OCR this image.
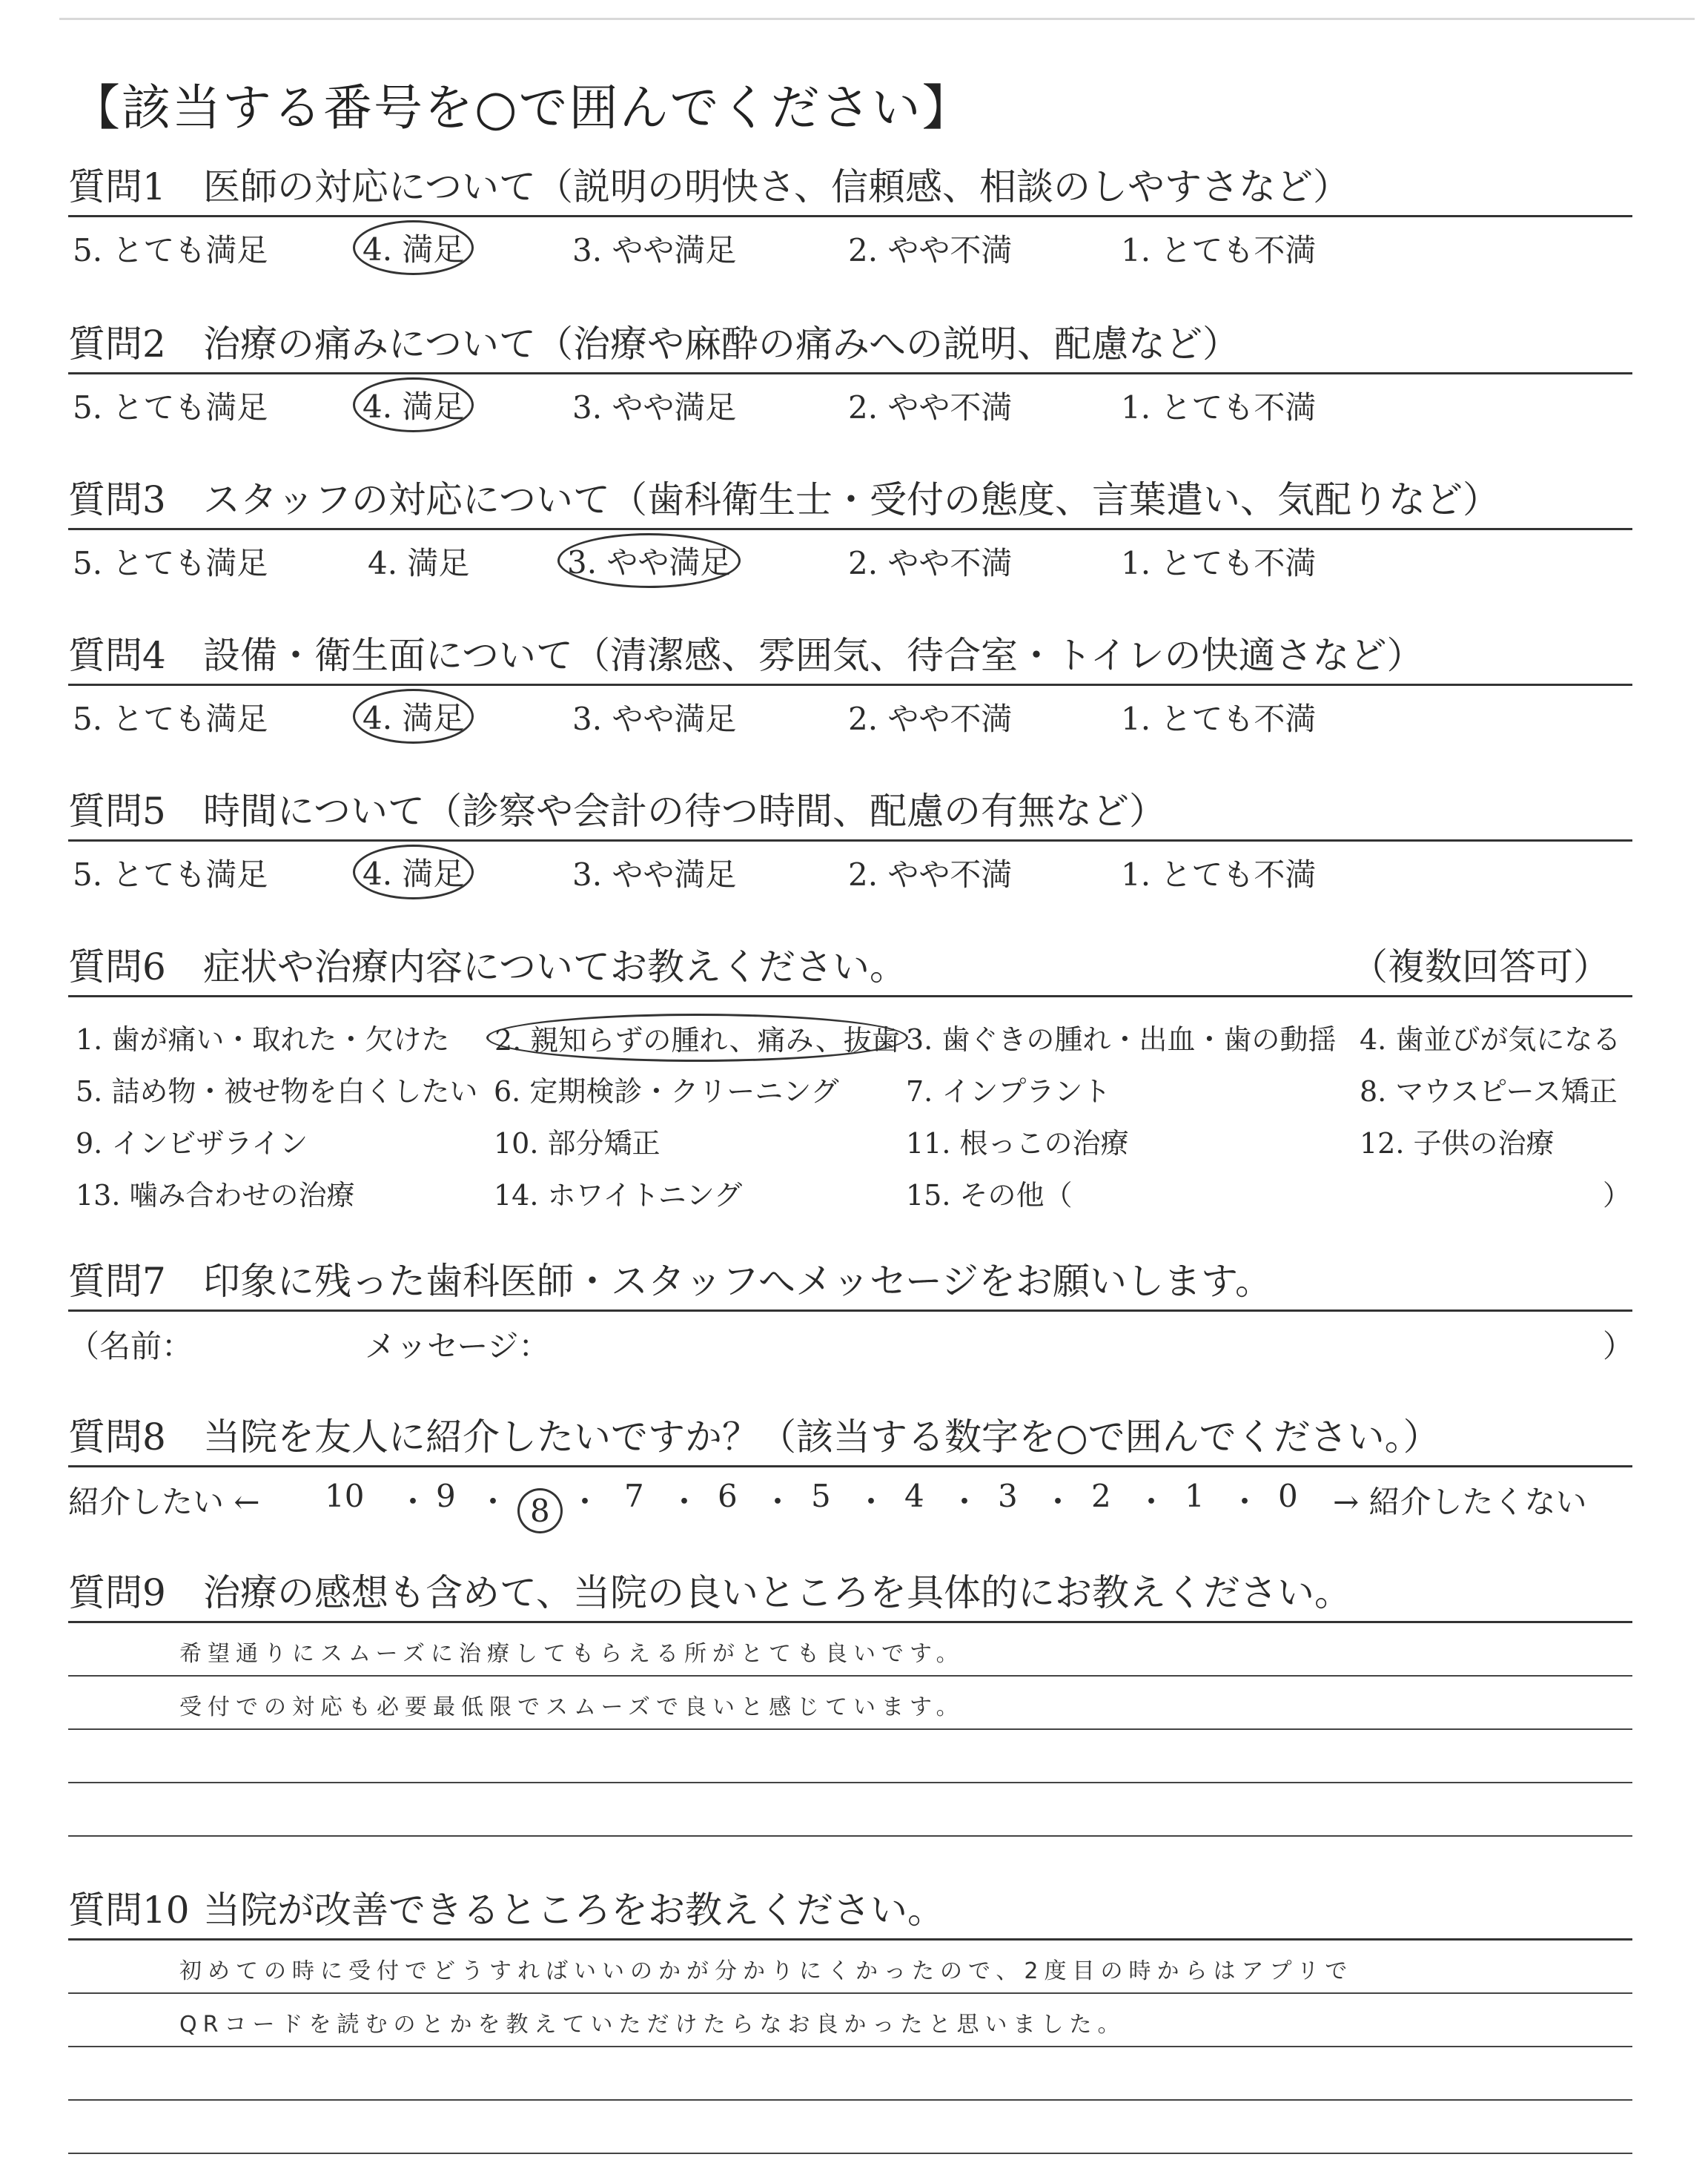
【該当する番号を○で囲んでください】
質問1 医師の対応について（説明の明快さ、信頼感、相談のしやすさなど）
5. とても満足	4. 満足	3. やや満足	2. やや不満	1. とても不満
質問2 治療の痛みについて（治療や麻酔の痛みへの説明、配慮など）
5. とても満足	4. 満足	3. やや満足	2. やや不満	1. とても不満
質問3 スタッフの対応について（歯科衛生士・受付の態度、言葉遣い、気配りなど）
5. とても満足	4. 満足	3. やや満足	2. やや不満	1. とても不満
質問4 設備・衛生面について（清潔感、雰囲気、待合室・トイレの快適さなど）
5. とても満足	4. 満足	3. やや満足	2. やや不満	1. とても不満
質問5 時間について（診察や会計の待つ時間、配慮の有無など）
5. とても満足	4. 満足	3. やや満足	2. やや不満	1. とても不満
質問6 症状や治療内容についてお教えください。	（複数回答可）
1. 歯が痛い・取れた・欠けた 2. 親知らずの腫れ、痛み、抜歯 3. 歯ぐきの腫れ・出血・歯の動揺 4. 歯並びが気になる
5. 詰め物・被せ物を白くしたい 6. 定期検診・クリーニング 7. インプラント	8. マウスピース矯正
9. インビザライン	10. 部分矯正	11. 根っこの治療	12. 子供の治療
13. 噛み合わせの治療	14. ホワイトニング	15. その他（	）
質問7 印象に残った歯科医師・スタッフへメッセージをお願いします。
（名前：	メッセージ：	）
質問8 当院を友人に紹介したいですか？（該当する数字を○で囲んでください。）
紹介したい ← 10 ・ 9 ・ 8 ・ 7 ・ 6 ・ 5 ・ 4 ・ 3 ・ 2 ・ 1 ・ 0 → 紹介したくない
質問9 治療の感想も含めて、当院の良いところを具体的にお教えください。
希望通りにスムーズに治療してもらえる所がとても良いです。
受付での対応も必要最低限でスムーズで良いと感じています。
質問10 当院が改善できるところをお教えください。
初めての時に受付でどうすればいいのかが分かりにくかったので、2度目の時からはアプリで
QRコードを読むのとかを教えていただけたらなお良かったと思いました。
